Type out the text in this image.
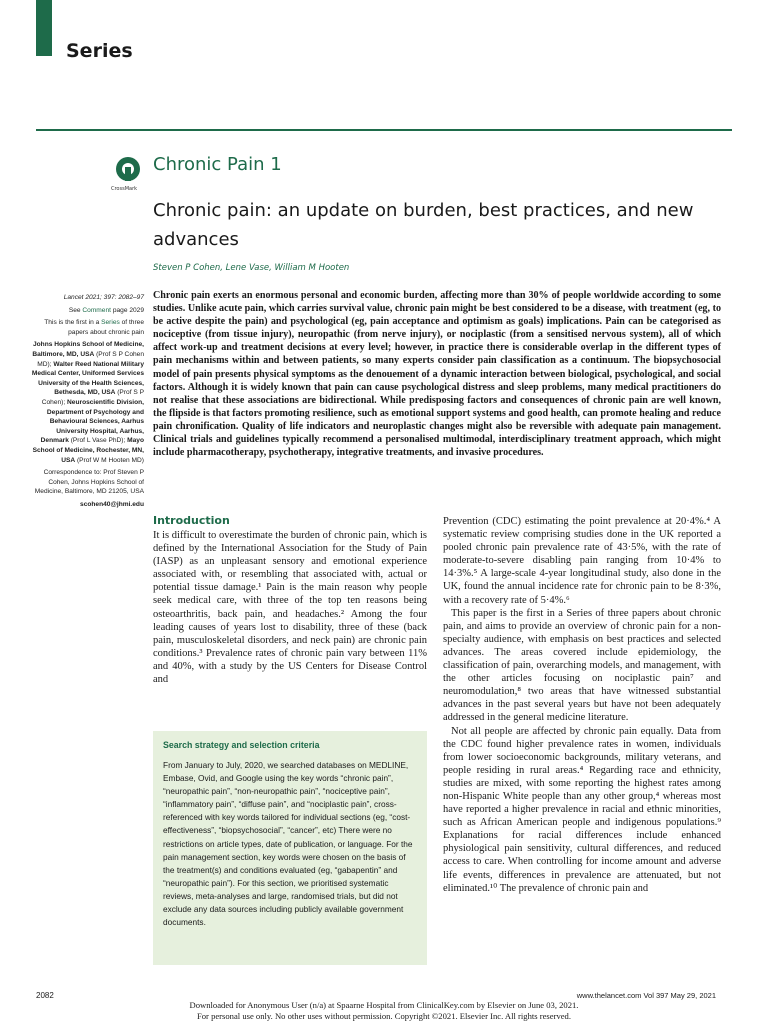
Series
CrossMark
Chronic Pain 1
Chronic pain: an update on burden, best practices, and new advances
Steven P Cohen, Lene Vase, William M Hooten

Lancet 2021; 397: 2082–97

See Comment page 2029

This is the first in a Series of three papers about chronic pain

Johns Hopkins School of Medicine, Baltimore, MD, USA (Prof S P Cohen MD); Walter Reed National Military Medical Center, Uniformed Services University of the Health Sciences, Bethesda, MD, USA (Prof S P Cohen); Neuroscientific Division, Department of Psychology and Behavioural Sciences, Aarhus University Hospital, Aarhus, Denmark (Prof L Vase PhD); Mayo School of Medicine, Rochester, MN, USA (Prof W M Hooten MD)

Correspondence to: Prof Steven P Cohen, Johns Hopkins School of Medicine, Baltimore, MD 21205, USA

scohen40@jhmi.edu

Chronic pain exerts an enormous personal and economic burden, affecting more than 30% of people worldwide according to some studies. Unlike acute pain, which carries survival value, chronic pain might be best considered to be a disease, with treatment (eg, to be active despite the pain) and psychological (eg, pain acceptance and optimism as goals) implications. Pain can be categorised as nociceptive (from tissue injury), neuropathic (from nerve injury), or nociplastic (from a sensitised nervous system), all of which affect work-up and treatment decisions at every level; however, in practice there is considerable overlap in the different types of pain mechanisms within and between patients, so many experts consider pain classification as a continuum. The biopsychosocial model of pain presents physical symptoms as the denouement of a dynamic interaction between biological, psychological, and social factors. Although it is widely known that pain can cause psychological distress and sleep problems, many medical practitioners do not realise that these associations are bidirectional. While predisposing factors and consequences of chronic pain are well known, the flipside is that factors promoting resilience, such as emotional support systems and good health, can promote healing and reduce pain chronification. Quality of life indicators and neuroplastic changes might also be reversible with adequate pain management. Clinical trials and guidelines typically recommend a personalised multimodal, interdisciplinary treatment approach, which might include pharmacotherapy, psychotherapy, integrative treatments, and invasive procedures.
Introduction

It is difficult to overestimate the burden of chronic pain, which is defined by the International Association for the Study of Pain (IASP) as an unpleasant sensory and emotional experience associated with, or resembling that associated with, actual or potential tissue damage.¹ Pain is the main reason why people seek medical care, with three of the top ten reasons being osteoarthritis, back pain, and headaches.² Among the four leading causes of years lost to disability, three of these (back pain, musculoskeletal disorders, and neck pain) are chronic pain conditions.³ Prevalence rates of chronic pain vary between 11% and 40%, with a study by the US Centers for Disease Control and

Search strategy and selection criteria
From January to July, 2020, we searched databases on MEDLINE, Embase, Ovid, and Google using the key words “chronic pain”, “neuropathic pain”, “non-neuropathic pain”, “nociceptive pain”, “inflammatory pain”, “diffuse pain”, and “nociplastic pain”, cross-referenced with key words tailored for individual sections (eg, “cost-effectiveness”, “biopsychosocial”, “cancer”, etc) There were no restrictions on article types, date of publication, or language. For the pain management section, key words were chosen on the basis of the treatment(s) and conditions evaluated (eg, “gabapentin” and “neuropathic pain”). For this section, we prioritised systematic reviews, meta-analyses and large, randomised trials, but did not exclude any data sources including publicly available government documents.

Prevention (CDC) estimating the point prevalence at 20·4%.⁴ A systematic review comprising studies done in the UK reported a pooled chronic pain prevalence rate of 43·5%, with the rate of moderate-to-severe disabling pain ranging from 10·4% to 14·3%.⁵ A large-scale 4-year longitudinal study, also done in the UK, found the annual incidence rate for chronic pain to be 8·3%, with a recovery rate of 5·4%.⁶

This paper is the first in a Series of three papers about chronic pain, and aims to provide an overview of chronic pain for a non-specialty audience, with emphasis on best practices and selected advances. The areas covered include epidemiology, the classification of pain, overarching models, and management, with the other articles focusing on nociplastic pain⁷ and neuromodulation,⁸ two areas that have witnessed substantial advances in the past several years but have not been adequately addressed in the general medicine literature.

Not all people are affected by chronic pain equally. Data from the CDC found higher prevalence rates in women, individuals from lower socioeconomic backgrounds, military veterans, and people residing in rural areas.⁴ Regarding race and ethnicity, studies are mixed, with some reporting the highest rates among non-Hispanic White people than any other group,⁴ whereas most have reported a higher prevalence in racial and ethnic minorities, such as African American people and indigenous populations.⁹ Explanations for racial differences include enhanced physiological pain sensitivity, cultural differences, and reduced access to care. When controlling for income amount and adverse life events, differences in prevalence are attenuated, but not eliminated.¹⁰ The prevalence of chronic pain and

2082	www.thelancet.com Vol 397 May 29, 2021
Downloaded for Anonymous User (n/a) at Spaarne Hospital from ClinicalKey.com by Elsevier on June 03, 2021.
For personal use only. No other uses without permission. Copyright ©2021. Elsevier Inc. All rights reserved.
